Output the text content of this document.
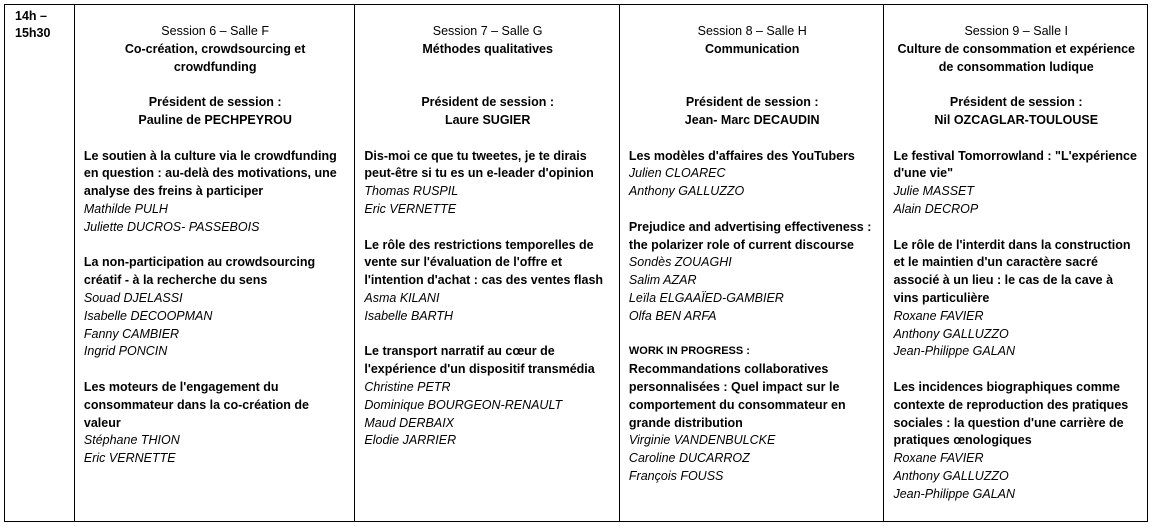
14h –
15h30	Session 6 – Salle F
Co-création, crowdsourcing et crowdfunding
Président de session :
Pauline de PECHPEYROU
Le soutien à la culture via le crowdfunding en question : au-delà des motivations, une analyse des freins à participer
Mathilde PULH
Juliette DUCROS- PASSEBOIS
La non-participation au crowdsourcing créatif - à la recherche du sens
Souad DJELASSI
Isabelle DECOOPMAN
Fanny CAMBIER
Ingrid PONCIN
Les moteurs de l'engagement du consommateur dans la co-création de valeur
Stéphane THION
Eric VERNETTE
Session 7 – Salle G
Méthodes qualitatives
Président de session :
Laure SUGIER
Dis-moi ce que tu tweetes, je te dirais peut-être si tu es un e-leader d'opinion
Thomas RUSPIL
Eric VERNETTE
Le rôle des restrictions temporelles de vente sur l'évaluation de l'offre et l'intention d'achat : cas des ventes flash
Asma KILANI
Isabelle BARTH
Le transport narratif au cœur de l'expérience d'un dispositif transmédia
Christine PETR
Dominique BOURGEON-RENAULT
Maud DERBAIX
Elodie JARRIER
Session 8 – Salle H
Communication
Président de session :
Jean- Marc DECAUDIN
Les modèles d'affaires des YouTubers
Julien CLOAREC
Anthony GALLUZZO
Prejudice and advertising effectiveness : the polarizer role of current discourse
Sondès ZOUAGHI
Salim AZAR
Leïla ELGAAÏED-GAMBIER
Olfa BEN ARFA
WORK IN PROGRESS :
Recommandations collaboratives personnalisées : Quel impact sur le comportement du consommateur en grande distribution
Virginie VANDENBULCKE
Caroline DUCARROZ
François FOUSS
Session 9 – Salle I
Culture de consommation et expérience de consommation ludique
Président de session :
Nil OZCAGLAR-TOULOUSE
Le festival Tomorrowland : "L'expérience d'une vie"
Julie MASSET
Alain DECROP
Le rôle de l'interdit dans la construction et le maintien d'un caractère sacré associé à un lieu : le cas de la cave à vins particulière
Roxane FAVIER
Anthony GALLUZZO
Jean-Philippe GALAN
Les incidences biographiques comme contexte de reproduction des pratiques sociales : la question d'une carrière de pratiques œnologiques
Roxane FAVIER
Anthony GALLUZZO
Jean-Philippe GALAN
